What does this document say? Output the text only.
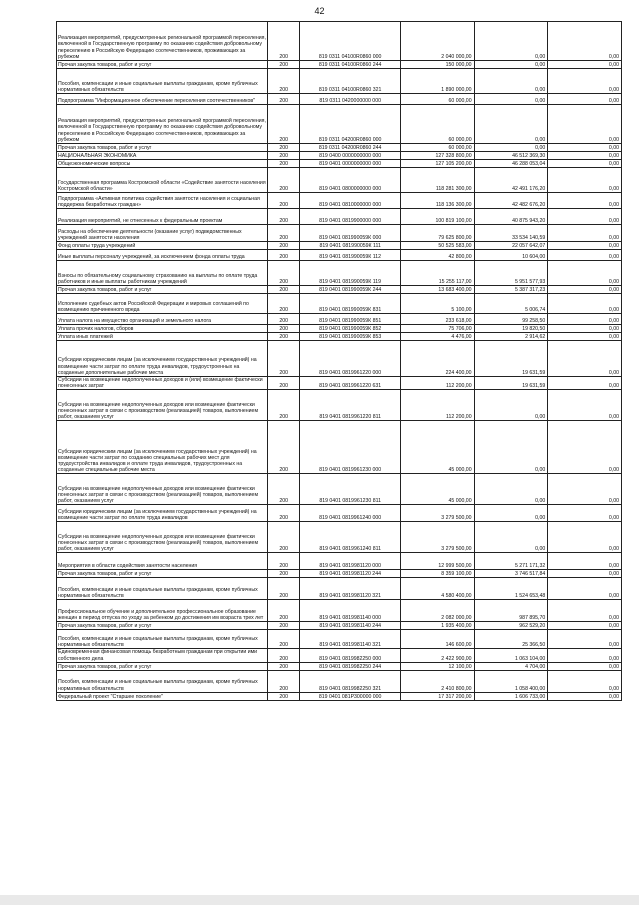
42
Реализация мероприятий, предусмотренных региональной программой переселения, включенной в Государственную программу по оказанию содействия добровольному переселению в Российскую Федерацию соотечественников, проживающих за рубежом	200	819 0311 04100R0860 000	2 040 000,00	0,00	0,00
Прочая закупка товаров, работ и услуг	200	819 0311 04100R0860 244	150 000,00	0,00	0,00
Пособия, компенсации и иные социальные выплаты гражданам, кроме публичных нормативных обязательств	200	819 0311 04100R0860 321	1 890 000,00	0,00	0,00
Подпрограмма "Информационное обеспечение переселения соотечественников"	200	819 0311 0420000000 000	60 000,00	0,00	0,00
Реализация мероприятий, предусмотренных региональной программой переселения, включенной в Государственную программу по оказанию содействия добровольному переселению в Российскую Федерацию соотечественников, проживающих за рубежом	200	819 0311 04200R0860 000	60 000,00	0,00	0,00
Прочая закупка товаров, работ и услуг	200	819 0311 04200R0860 244	60 000,00	0,00	0,00
НАЦИОНАЛЬНАЯ ЭКОНОМИКА	200	819 0400 0000000000 000	127 328 800,00	46 512 369,30	0,00
Общеэкономические вопросы	200	819 0401 0000000000 000	127 105 200,00	46 288 053,04	0,00
Государственная программа Костромской области «Содействие занятости населения Костромской области»	200	819 0401 0800000000 000	118 281 300,00	42 491 176,20	0,00
Подпрограмма «Активная политика содействия занятости населения и социальная поддержка безработных граждан»	200	819 0401 0810000000 000	118 136 300,00	42 482 676,20	0,00
Реализация мероприятий, не отнесенных к федеральным проектам	200	819 0401 0819900000 000	100 819 100,00	40 875 943,20	0,00
Расходы на обеспечение деятельности (оказание услуг) подведомственных учреждений занятости населения	200	819 0401 081990059К 000	79 625 800,00	33 534 140,59	0,00
Фонд оплаты труда учреждений	200	819 0401 081990059К 111	50 525 583,00	22 057 642,07	0,00
Иные выплаты персоналу учреждений, за исключением фонда оплаты труда	200	819 0401 081990059К 112	42 800,00	10 604,00	0,00
Взносы по обязательному социальному страхованию на выплаты по оплате труда работников и иные выплаты работникам учреждений	200	819 0401 081990059К 119	15 255 117,00	5 951 577,93	0,00
Прочая закупка товаров, работ и услуг	200	819 0401 081990059К 244	13 683 400,00	5 387 317,23	0,00
Исполнение судебных актов Российской Федерации и мировых соглашений по возмещению причиненного вреда	200	819 0401 081990059К 831	5 100,00	5 006,74	0,00
Уплата налога на имущество организаций и земельного налога	200	819 0401 081990059К 851	233 618,00	99 258,50	0,00
Уплата прочих налогов, сборов	200	819 0401 081990059К 852	75 706,00	19 820,50	0,00
Уплата иных платежей	200	819 0401 081990059К 853	4 476,00	2 914,62	0,00
Субсидии юридическим лицам (за исключением государственных учреждений) на возмещение части затрат по оплате труда инвалидов, трудоустроенных на созданные дополнительные рабочие места	200	819 0401 0819961220 000	224 400,00	19 631,59	0,00
Субсидии на возмещение недополученных доходов и (или) возмещение фактически понесенных затрат	200	819 0401 0819961220 631	112 200,00	19 631,59	0,00
Субсидии на возмещение недополученных доходов или возмещение фактически понесенных затрат в связи с производством (реализацией) товаров, выполнением работ, оказанием услуг	200	819 0401 0819961220 811	112 200,00	0,00	0,00
Субсидии юридическим лицам (за исключением государственных учреждений) на возмещение части затрат по созданию специальных рабочих мест для трудоустройства инвалидов и оплате труда инвалидов, трудоустроенных на созданные специальные рабочие места	200	819 0401 0819961230 000	45 000,00	0,00	0,00
Субсидии на возмещение недополученных доходов или возмещение фактически понесенных затрат в связи с производством (реализацией) товаров, выполнением работ, оказанием услуг	200	819 0401 0819961230 811	45 000,00	0,00	0,00
Субсидии юридическим лицам (за исключением государственных учреждений) на возмещение части затрат по оплате труда инвалидов	200	819 0401 0819961240 000	3 279 500,00	0,00	0,00
Субсидии на возмещение недополученных доходов или возмещение фактически понесенных затрат в связи с производством (реализацией) товаров, выполнением работ, оказанием услуг	200	819 0401 0819961240 811	3 279 500,00	0,00	0,00
Мероприятия в области содействия занятости населения	200	819 0401 0819981120 000	12 999 500,00	5 271 171,32	0,00
Прочая закупка товаров, работ и услуг	200	819 0401 0819981120 244	8 359 100,00	3 746 517,84	0,00
Пособия, компенсации и иные социальные выплаты гражданам, кроме публичных нормативных обязательств	200	819 0401 0819981120 321	4 580 400,00	1 524 653,48	0,00
Профессиональное обучение и дополнительное профессиональное образование женщин в период отпуска по уходу за ребенком до достижения им возраста трех лет	200	819 0401 0819981140 000	2 082 000,00	987 895,70	0,00
Прочая закупка товаров, работ и услуг	200	819 0401 0819981140 244	1 935 400,00	962 529,20	0,00
Пособия, компенсации и иные социальные выплаты гражданам, кроме публичных нормативных обязательств	200	819 0401 0819981140 321	146 600,00	25 366,50	0,00
Единовременная финансовая помощь безработным гражданам при открытии ими собственного дела	200	819 0401 0819982250 000	2 422 900,00	1 063 104,00	0,00
Прочая закупка товаров, работ и услуг	200	819 0401 0819982250 244	12 100,00	4 704,00	0,00
Пособия, компенсации и иные социальные выплаты гражданам, кроме публичных нормативных обязательств	200	819 0401 0819982250 321	2 410 800,00	1 058 400,00	0,00
Федеральный проект "Старшее поколение"	200	819 0401 081P300000 000	17 317 200,00	1 606 733,00	0,00
